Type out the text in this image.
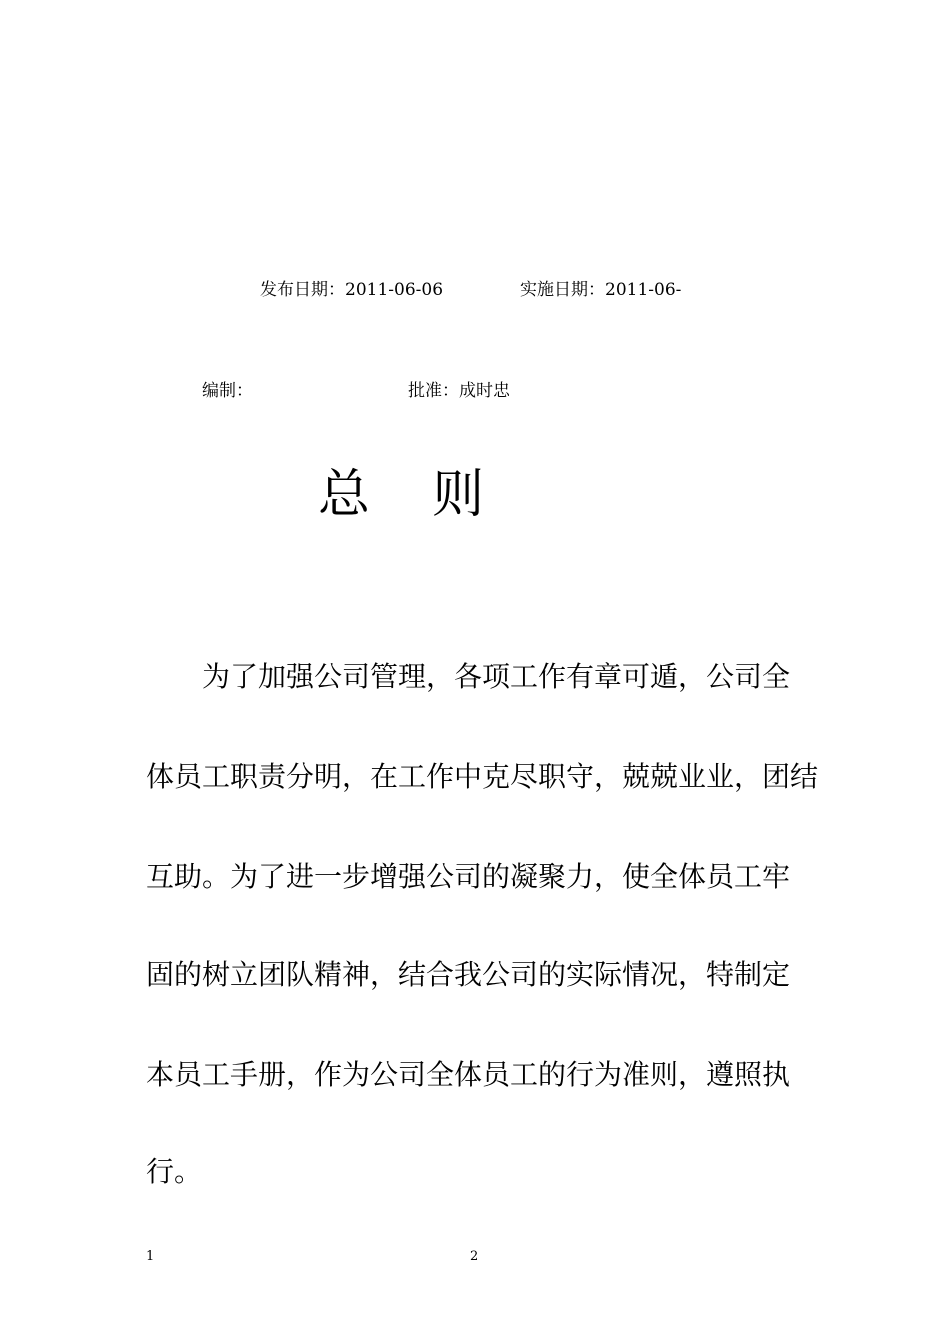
发布日期：2011-06-06	实施日期：2011-06-
编制：	批准：成时忠
总 则
为了加强公司管理，各项工作有章可遁，公司全
体员工职责分明，在工作中克尽职守，兢兢业业，团结
互助。为了进一步增强公司的凝聚力，使全体员工牢
固的树立团队精神，结合我公司的实际情况，特制定
本员工手册，作为公司全体员工的行为准则，遵照执
行。
1	2
